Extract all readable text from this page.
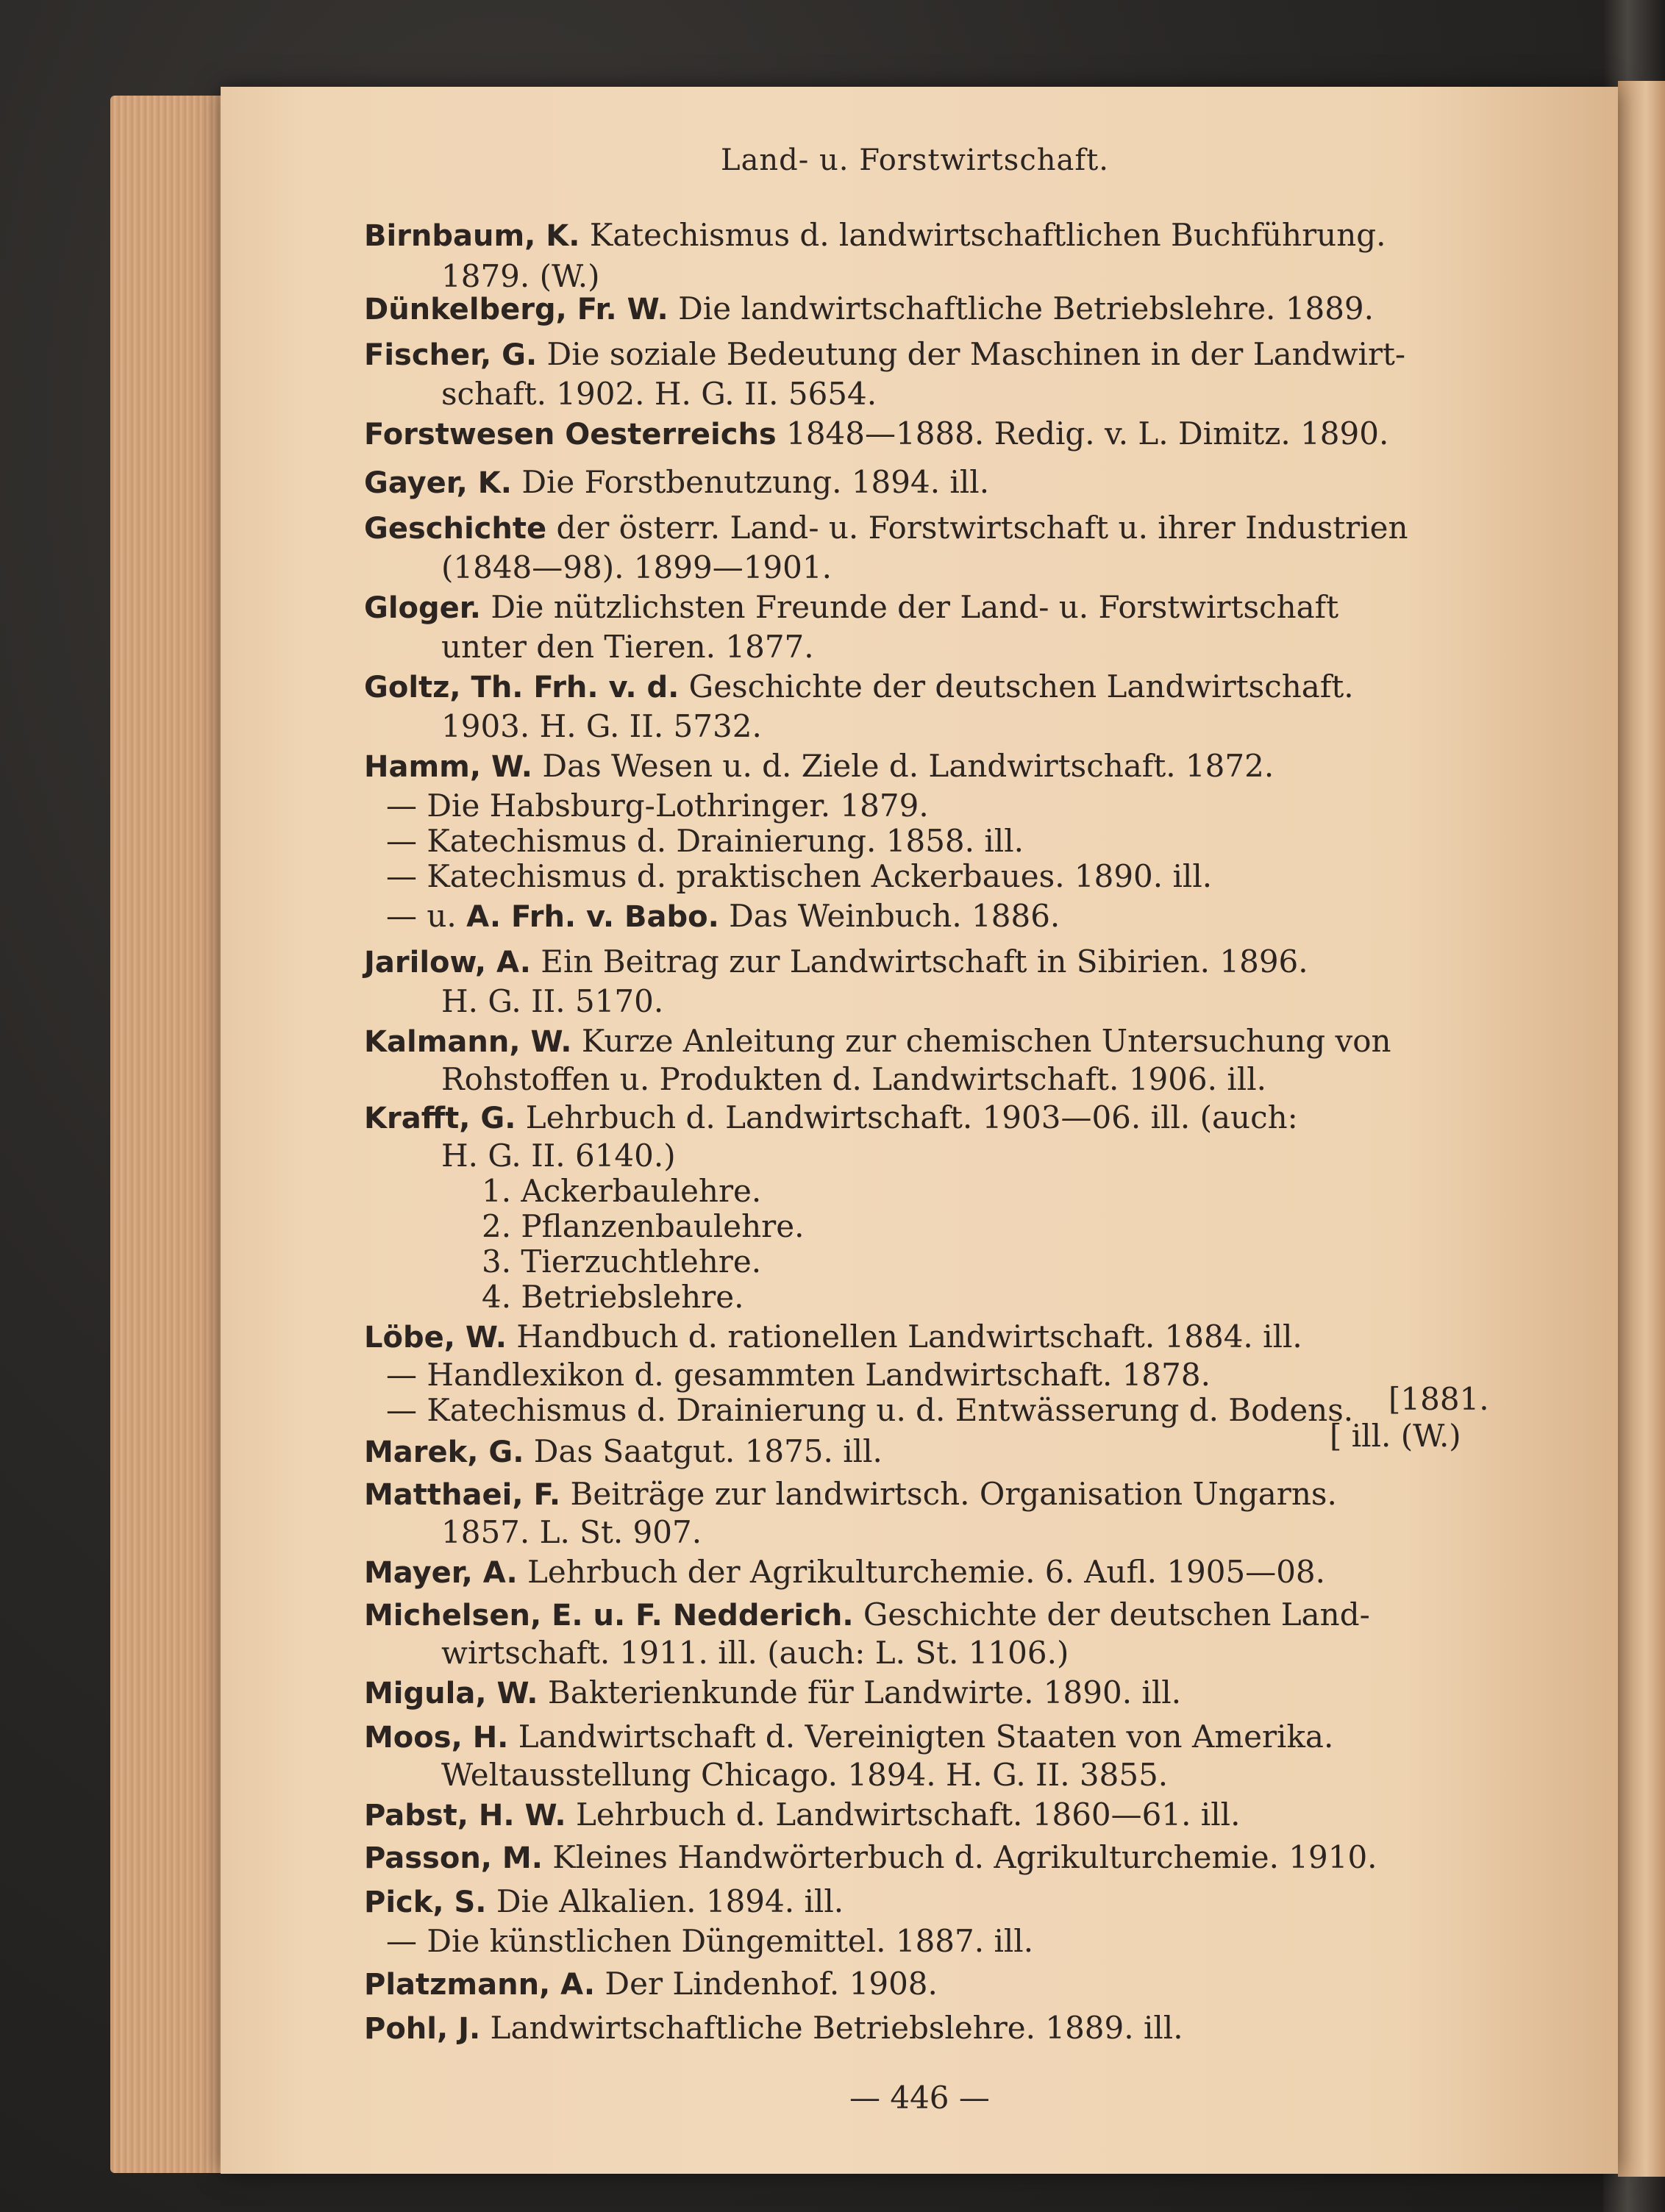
Land- u. Forstwirtschaft.
Birnbaum, K. Katechismus d. landwirtschaftlichen Buchführung.
1879. (W.)
Dünkelberg, Fr. W. Die landwirtschaftliche Betriebslehre. 1889.
Fischer, G. Die soziale Bedeutung der Maschinen in der Landwirt-
schaft. 1902. H. G. II. 5654.
Forstwesen Oesterreichs 1848—1888. Redig. v. L. Dimitz. 1890.
Gayer, K. Die Forstbenutzung. 1894. ill.
Geschichte der österr. Land- u. Forstwirtschaft u. ihrer Industrien
(1848—98). 1899—1901.
Gloger. Die nützlichsten Freunde der Land- u. Forstwirtschaft
unter den Tieren. 1877.
Goltz, Th. Frh. v. d. Geschichte der deutschen Landwirtschaft.
1903. H. G. II. 5732.
Hamm, W. Das Wesen u. d. Ziele d. Landwirtschaft. 1872.
— Die Habsburg-Lothringer. 1879.
— Katechismus d. Drainierung. 1858. ill.
— Katechismus d. praktischen Ackerbaues. 1890. ill.
— u. A. Frh. v. Babo. Das Weinbuch. 1886.
Jarilow, A. Ein Beitrag zur Landwirtschaft in Sibirien. 1896.
H. G. II. 5170.
Kalmann, W. Kurze Anleitung zur chemischen Untersuchung von
Rohstoffen u. Produkten d. Landwirtschaft. 1906. ill.
Krafft, G. Lehrbuch d. Landwirtschaft. 1903—06. ill. (auch:
H. G. II. 6140.)
1. Ackerbaulehre.
2. Pflanzenbaulehre.
3. Tierzuchtlehre.
4. Betriebslehre.
Löbe, W. Handbuch d. rationellen Landwirtschaft. 1884. ill.
— Handlexikon d. gesammten Landwirtschaft. 1878.
— Katechismus d. Drainierung u. d. Entwässerung d. Bodens.	[1881.
Marek, G. Das Saatgut. 1875. ill.	[ ill. (W.)
Matthaei, F. Beiträge zur landwirtsch. Organisation Ungarns.
1857. L. St. 907.
Mayer, A. Lehrbuch der Agrikulturchemie. 6. Aufl. 1905—08.
Michelsen, E. u. F. Nedderich. Geschichte der deutschen Land-
wirtschaft. 1911. ill. (auch: L. St. 1106.)
Migula, W. Bakterienkunde für Landwirte. 1890. ill.
Moos, H. Landwirtschaft d. Vereinigten Staaten von Amerika.
Weltausstellung Chicago. 1894. H. G. II. 3855.
Pabst, H. W. Lehrbuch d. Landwirtschaft. 1860—61. ill.
Passon, M. Kleines Handwörterbuch d. Agrikulturchemie. 1910.
Pick, S. Die Alkalien. 1894. ill.
— Die künstlichen Düngemittel. 1887. ill.
Platzmann, A. Der Lindenhof. 1908.
Pohl, J. Landwirtschaftliche Betriebslehre. 1889. ill.
— 446 —
